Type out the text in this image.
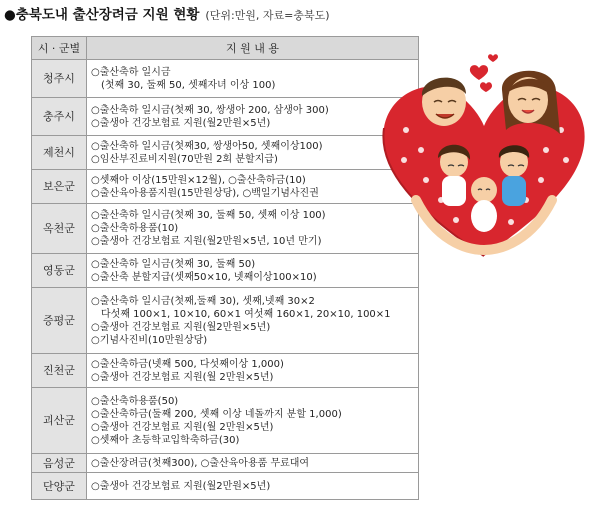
●충북도내 출산장려금 지원 현황 (단위:만원, 자료=충북도)
시 · 군별	지 원 내 용
청주시	○출산축하 일시금
(첫째 30, 둘째 50, 셋째자녀 이상 100)

충주시	○출산축하 일시금(첫째 30, 쌍생아 200, 삼생아 300)
○출생아 건강보험료 지원(월2만원×5년)

제천시	○출산축하 일시금(첫째30, 쌍생아50, 셋째이상100)
○임산부진료비지원(70만원 2회 분할지급)

보은군	○셋째아 이상(15만원×12월), ○출산축하금(10)
○출산육아용품지원(15만원상당), ○백일기념사진권

옥천군	○출산축하 일시금(첫째 30, 둘째 50, 셋째 이상 100)
○출산축하용품(10)
○출생아 건강보험료 지원(월2만원×5년, 10년 만기)

영동군	○출산축하 일시금(첫째 30, 둘째 50)
○출산축 분할지급(셋째50×10, 넷째이상100×10)

증평군	○출산축하 일시금(첫째,둘째 30), 셋째,넷째 30×2
다섯째 100×1, 10×10, 60×1 여섯째 160×1, 20×10, 100×1
○출생아 건강보험료 지원(월2만원×5년)
○기념사진비(10만원상당)

진천군	○출산축하금(넷째 500, 다섯째이상 1,000)
○출생아 건강보험료 지원(월 2만원×5년)

괴산군	○출산축하용품(50)
○출산축하금(둘째 200, 셋째 이상 네돌까지 분할 1,000)
○출생아 건강보험료 지원(월 2만원×5년)
○셋째아 초등학교입학축하금(30)

음성군	○출산장려금(첫째300), ○출산육아용품 무료대여

단양군	○출생아 건강보험료 지원(월2만원×5년)
